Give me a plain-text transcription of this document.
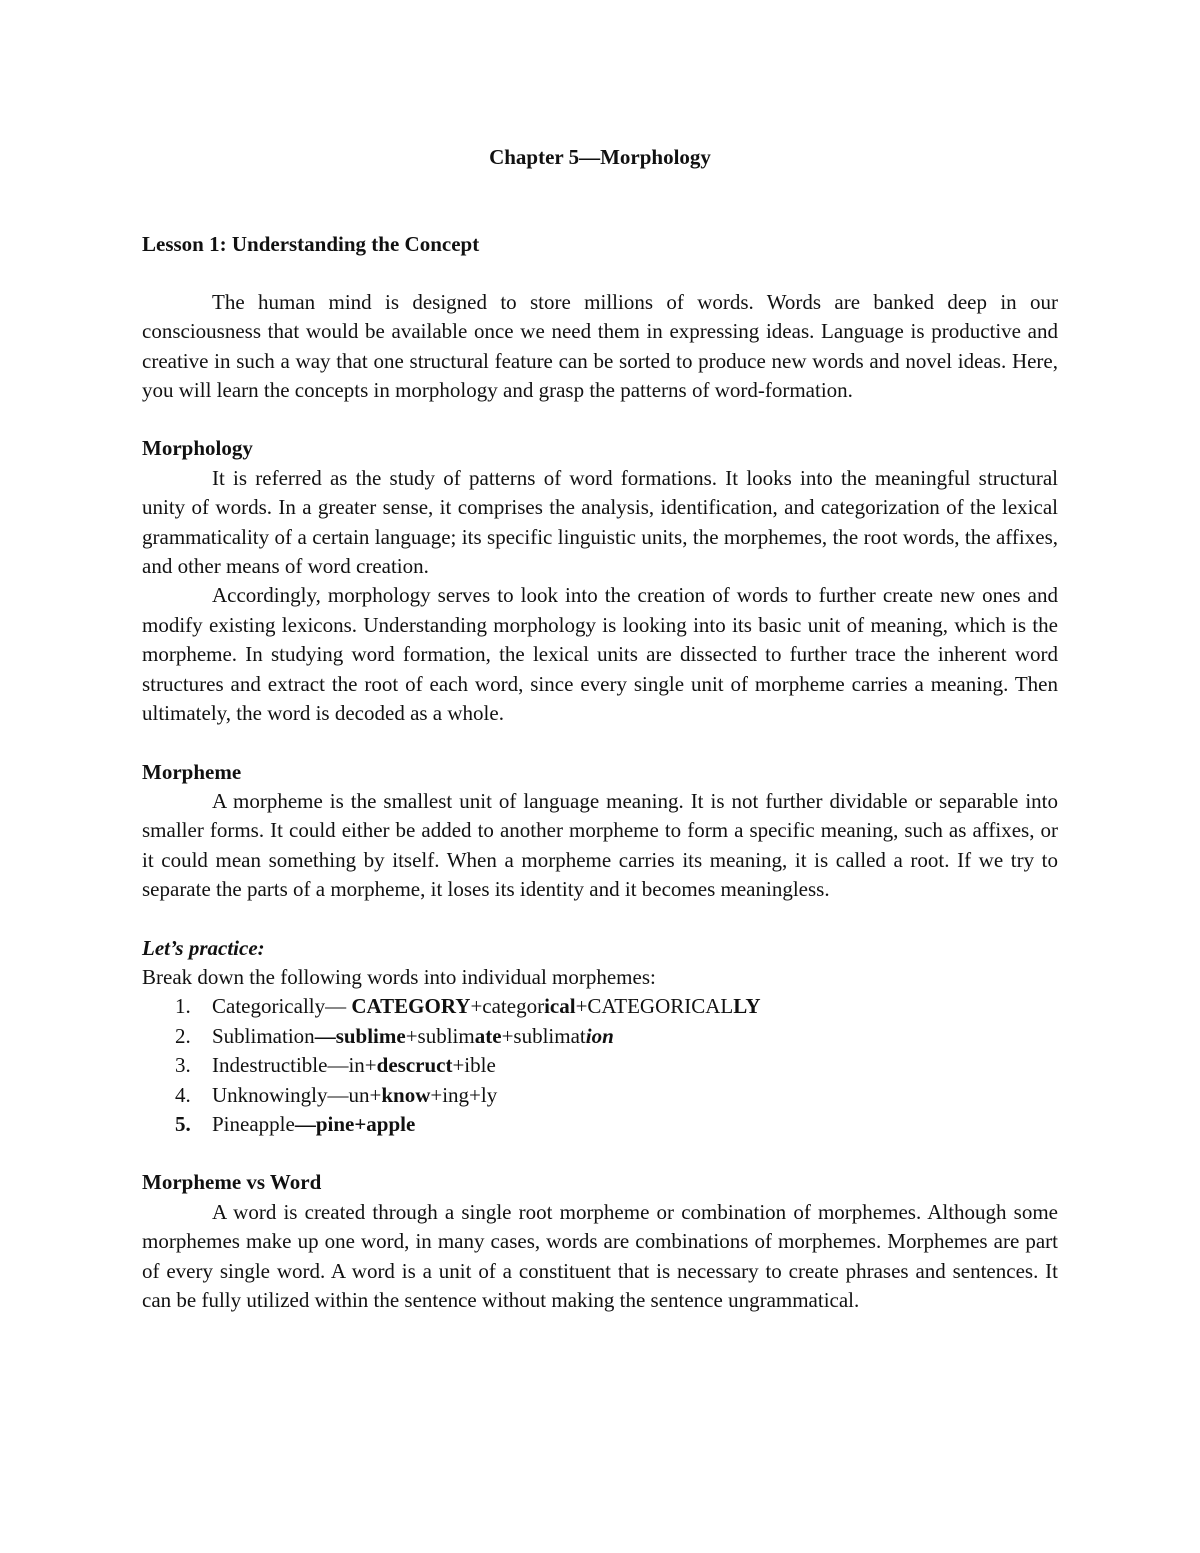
Chapter 5—Morphology
Lesson 1: Understanding the Concept

The human mind is designed to store millions of words. Words are banked deep in our consciousness that would be available once we need them in expressing ideas. Language is productive and creative in such a way that one structural feature can be sorted to produce new words and novel ideas. Here, you will learn the concepts in morphology and grasp the patterns of word-formation.

Morphology

It is referred as the study of patterns of word formations. It looks into the meaningful structural unity of words. In a greater sense, it comprises the analysis, identification, and categorization of the lexical grammaticality of a certain language; its specific linguistic units, the morphemes, the root words, the affixes, and other means of word creation.

Accordingly, morphology serves to look into the creation of words to further create new ones and modify existing lexicons. Understanding morphology is looking into its basic unit of meaning, which is the morpheme. In studying word formation, the lexical units are dissected to further trace the inherent word structures and extract the root of each word, since every single unit of morpheme carries a meaning. Then ultimately, the word is decoded as a whole.

Morpheme

A morpheme is the smallest unit of language meaning. It is not further dividable or separable into smaller forms. It could either be added to another morpheme to form a specific meaning, such as affixes, or it could mean something by itself. When a morpheme carries its meaning, it is called a root. If we try to separate the parts of a morpheme, it loses its identity and it becomes meaningless.

Let’s practice:

Break down the following words into individual morphemes:

1.	Categorically— CATEGORY+categorical+CATEGORICALLY
2.	Sublimation—sublime+sublimate+sublimation
3.	Indestructible—in+descruct+ible
4.	Unknowingly—un+know+ing+ly
5.	Pineapple—pine+apple
Morpheme vs Word

A word is created through a single root morpheme or combination of morphemes. Although some morphemes make up one word, in many cases, words are combinations of morphemes. Morphemes are part of every single word. A word is a unit of a constituent that is necessary to create phrases and sentences. It can be fully utilized within the sentence without making the sentence ungrammatical.
